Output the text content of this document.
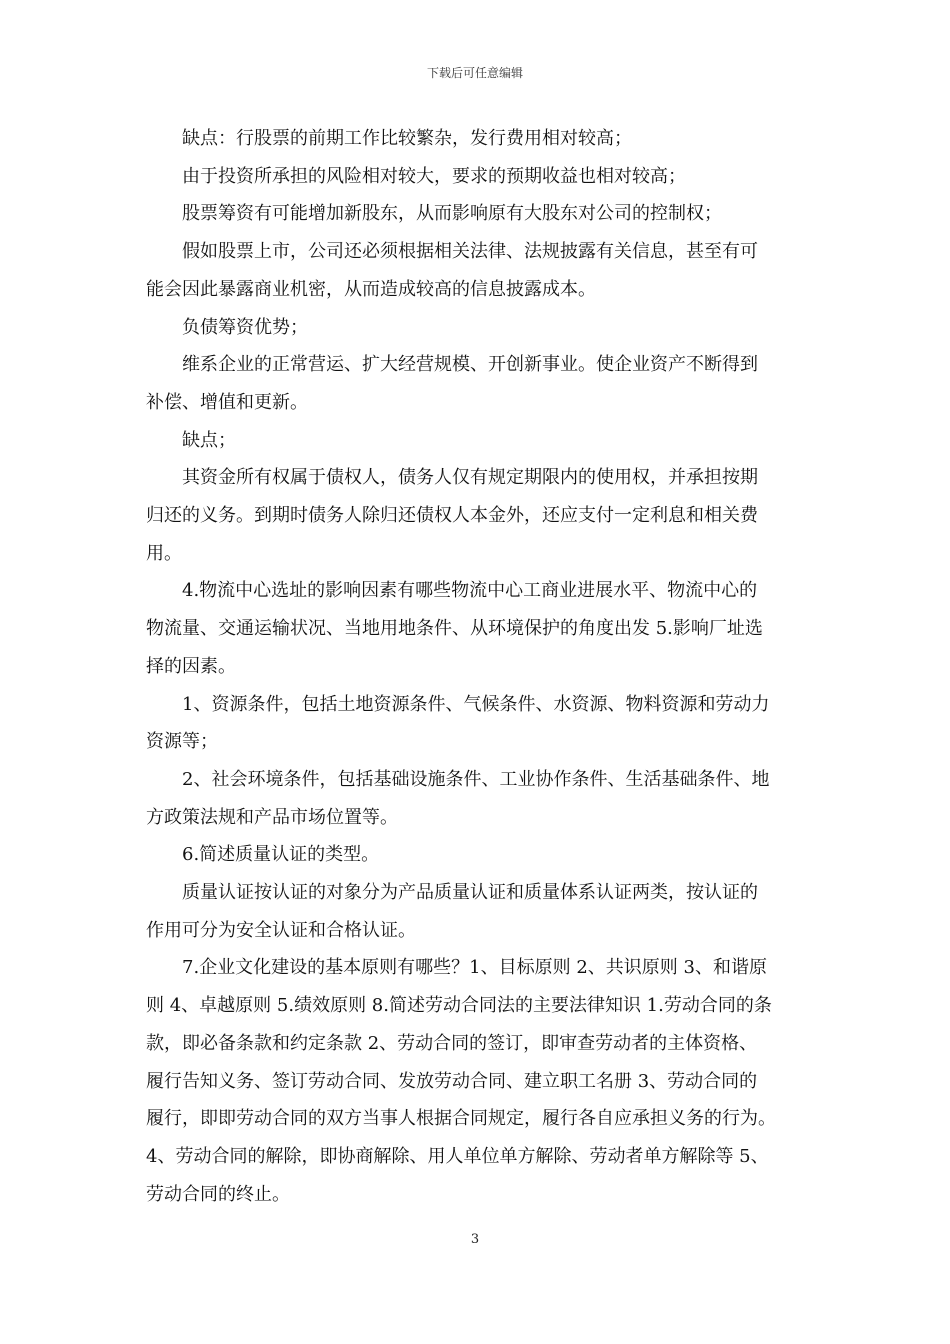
下载后可任意编辑

缺点：行股票的前期工作比较繁杂，发行费用相对较高；

由于投资所承担的风险相对较大，要求的预期收益也相对较高；

股票筹资有可能增加新股东，从而影响原有大股东对公司的控制权；

假如股票上市，公司还必须根据相关法律、法规披露有关信息，甚至有可

能会因此暴露商业机密，从而造成较高的信息披露成本。

负债筹资优势；

维系企业的正常营运、扩大经营规模、开创新事业。使企业资产不断得到

补偿、增值和更新。

缺点；

其资金所有权属于债权人，债务人仅有规定期限内的使用权，并承担按期

归还的义务。到期时债务人除归还债权人本金外，还应支付一定利息和相关费

用。

4.物流中心选址的影响因素有哪些物流中心工商业进展水平、物流中心的

物流量、交通运输状况、当地用地条件、从环境保护的角度出发 5.影响厂址选

择的因素。

1、资源条件，包括土地资源条件、气候条件、水资源、物料资源和劳动力

资源等；

2、社会环境条件，包括基础设施条件、工业协作条件、生活基础条件、地

方政策法规和产品市场位置等。

6.简述质量认证的类型。

质量认证按认证的对象分为产品质量认证和质量体系认证两类，按认证的

作用可分为安全认证和合格认证。

7.企业文化建设的基本原则有哪些？1、目标原则 2、共识原则 3、和谐原

则 4、卓越原则 5.绩效原则 8.简述劳动合同法的主要法律知识 1.劳动合同的条

款，即必备条款和约定条款 2、劳动合同的签订，即审查劳动者的主体资格、

履行告知义务、签订劳动合同、发放劳动合同、建立职工名册 3、劳动合同的

履行，即即劳动合同的双方当事人根据合同规定，履行各自应承担义务的行为。

4、劳动合同的解除，即协商解除、用人单位单方解除、劳动者单方解除等 5、

劳动合同的终止。

3
